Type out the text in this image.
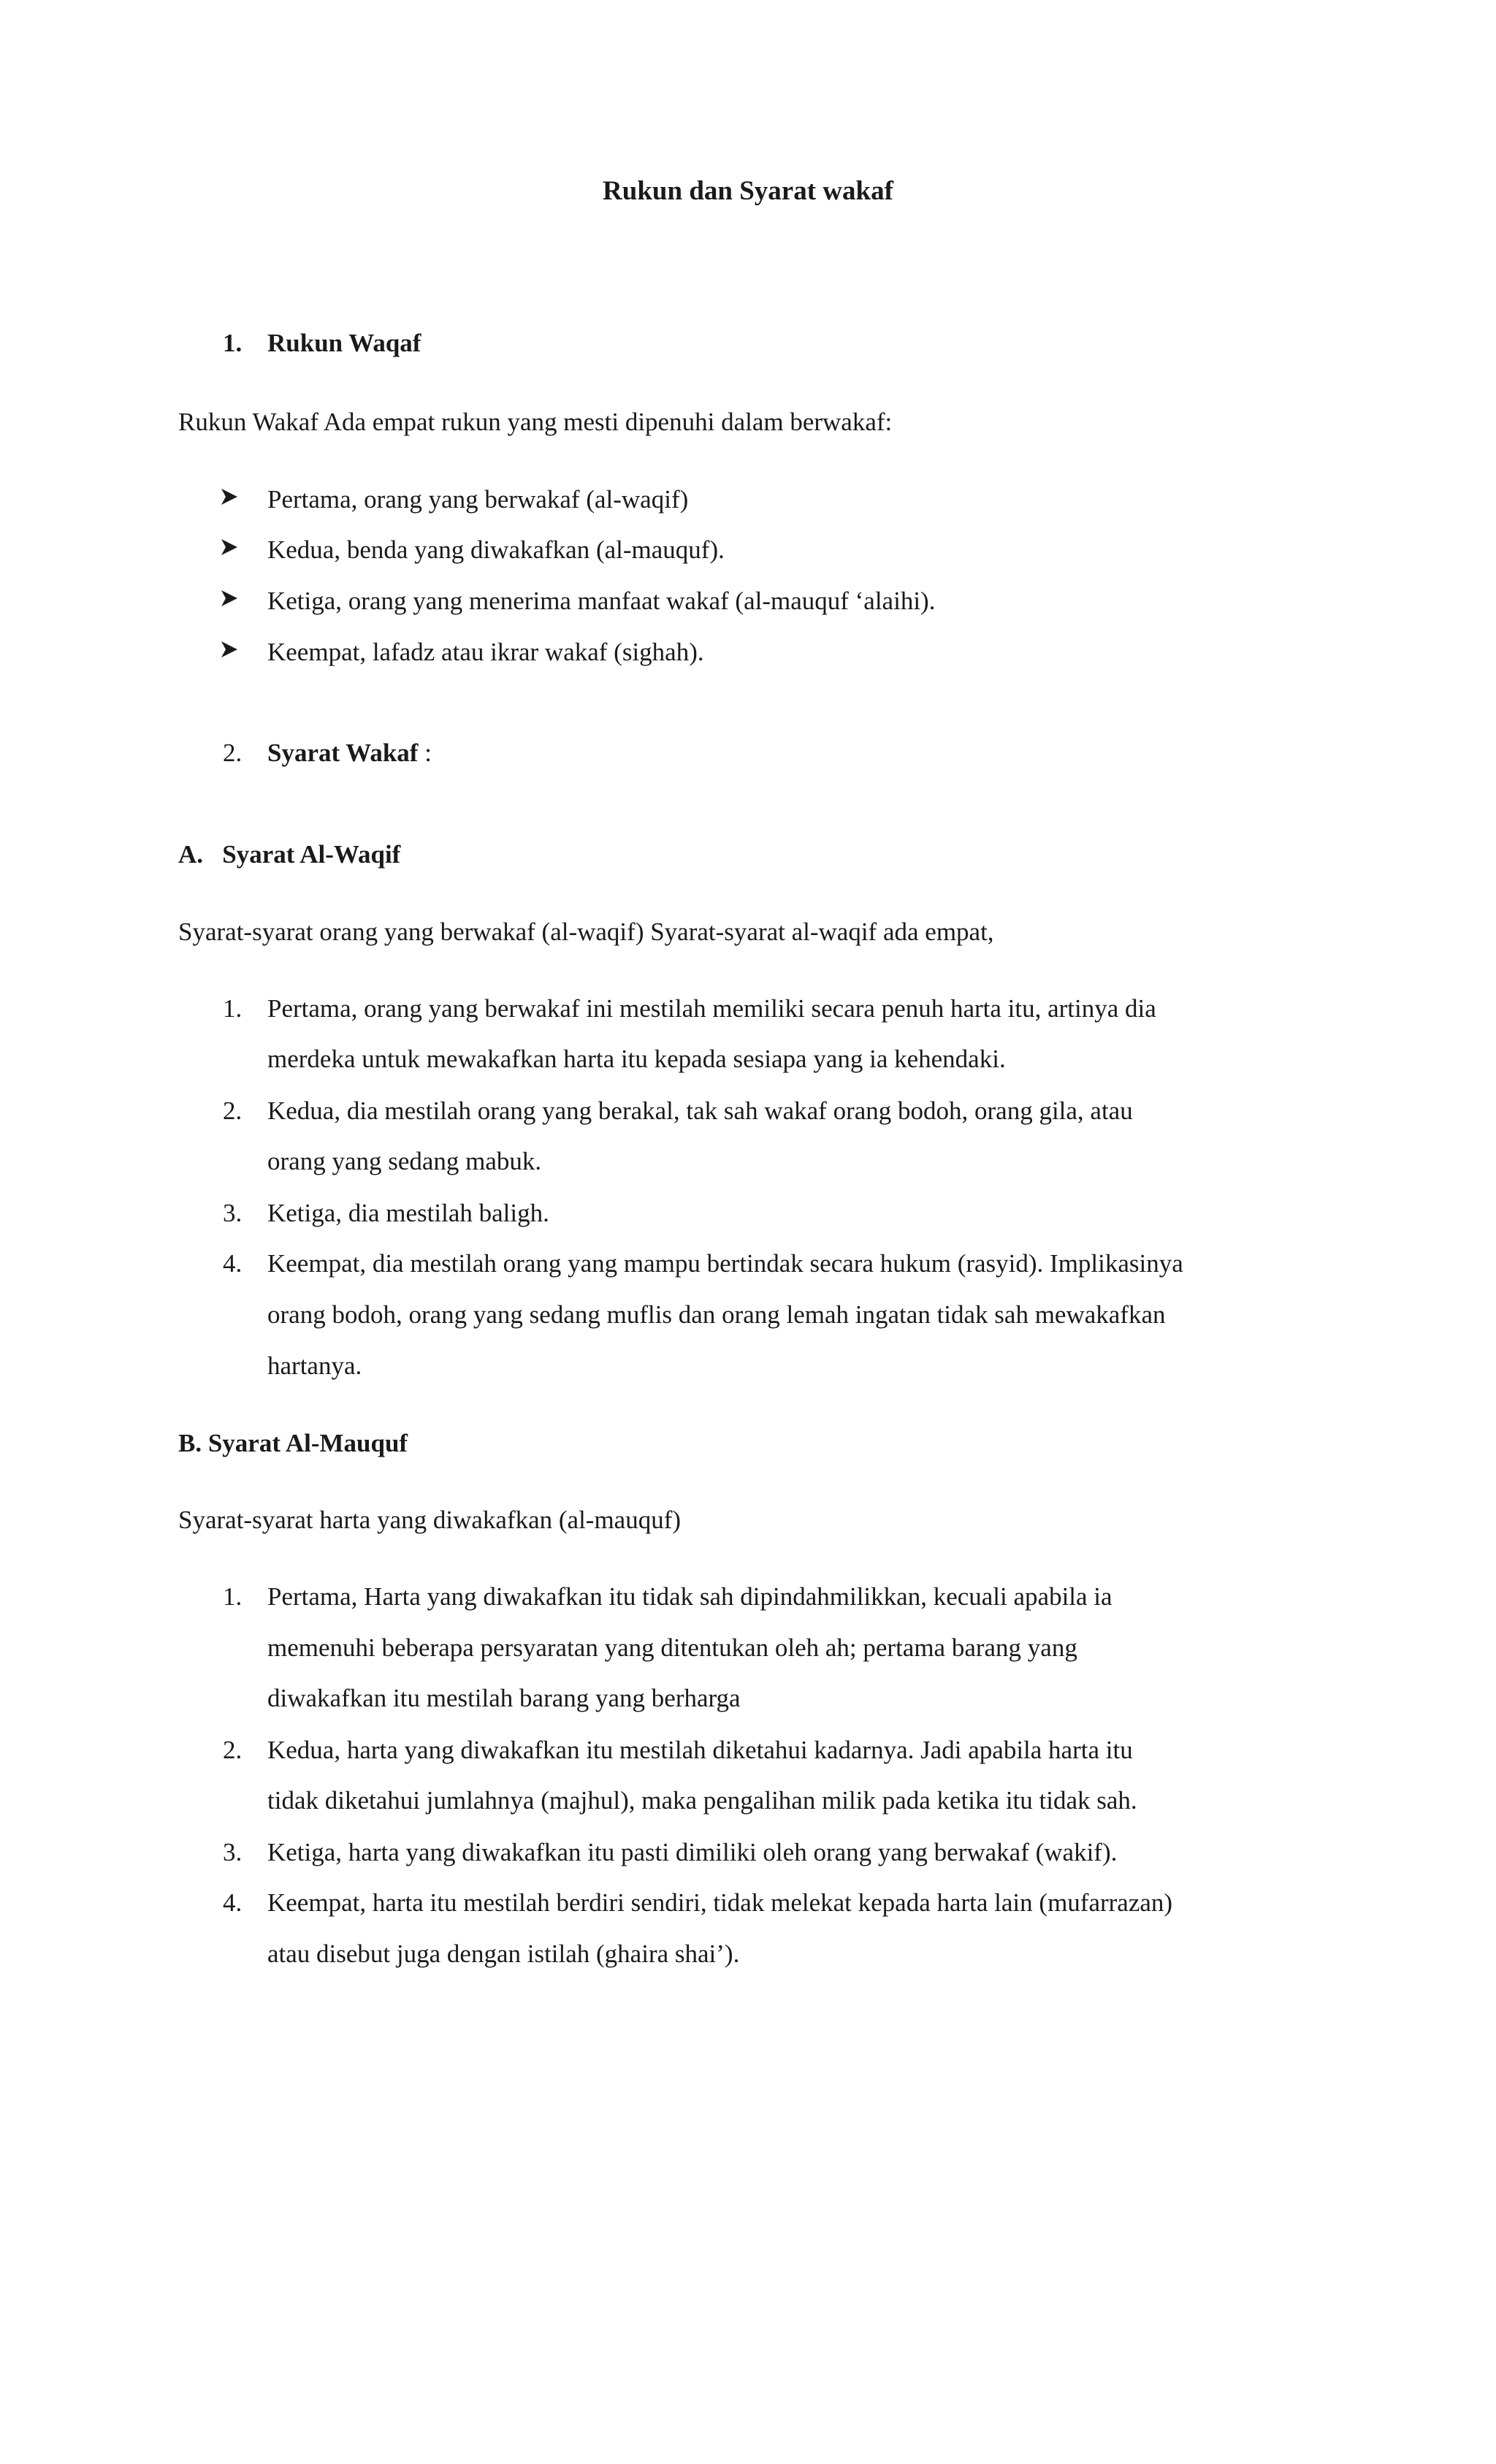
Rukun dan Syarat wakaf
1. Rukun Waqaf
Rukun Wakaf Ada empat rukun yang mesti dipenuhi dalam berwakaf:
Pertama, orang yang berwakaf (al-waqif)
Kedua, benda yang diwakafkan (al-mauquf).
Ketiga, orang yang menerima manfaat wakaf (al-mauquf ‘alaihi).
Keempat, lafadz atau ikrar wakaf (sighah).
2. Syarat Wakaf :
A.   Syarat Al-Waqif
Syarat-syarat orang yang berwakaf (al-waqif) Syarat-syarat al-waqif ada empat,
1. Pertama, orang yang berwakaf ini mestilah memiliki secara penuh harta itu, artinya dia
merdeka untuk mewakafkan harta itu kepada sesiapa yang ia kehendaki.
2. Kedua, dia mestilah orang yang berakal, tak sah wakaf orang bodoh, orang gila, atau
orang yang sedang mabuk.
3. Ketiga, dia mestilah baligh.
4. Keempat, dia mestilah orang yang mampu bertindak secara hukum (rasyid). Implikasinya
orang bodoh, orang yang sedang muflis dan orang lemah ingatan tidak sah mewakafkan
hartanya.
B. Syarat Al-Mauquf
Syarat-syarat harta yang diwakafkan (al-mauquf)
1. Pertama, Harta yang diwakafkan itu tidak sah dipindahmilikkan, kecuali apabila ia
memenuhi beberapa persyaratan yang ditentukan oleh ah; pertama barang yang
diwakafkan itu mestilah barang yang berharga
2. Kedua, harta yang diwakafkan itu mestilah diketahui kadarnya. Jadi apabila harta itu
tidak diketahui jumlahnya (majhul), maka pengalihan milik pada ketika itu tidak sah.
3. Ketiga, harta yang diwakafkan itu pasti dimiliki oleh orang yang berwakaf (wakif).
4. Keempat, harta itu mestilah berdiri sendiri, tidak melekat kepada harta lain (mufarrazan)
atau disebut juga dengan istilah (ghaira shai’).
